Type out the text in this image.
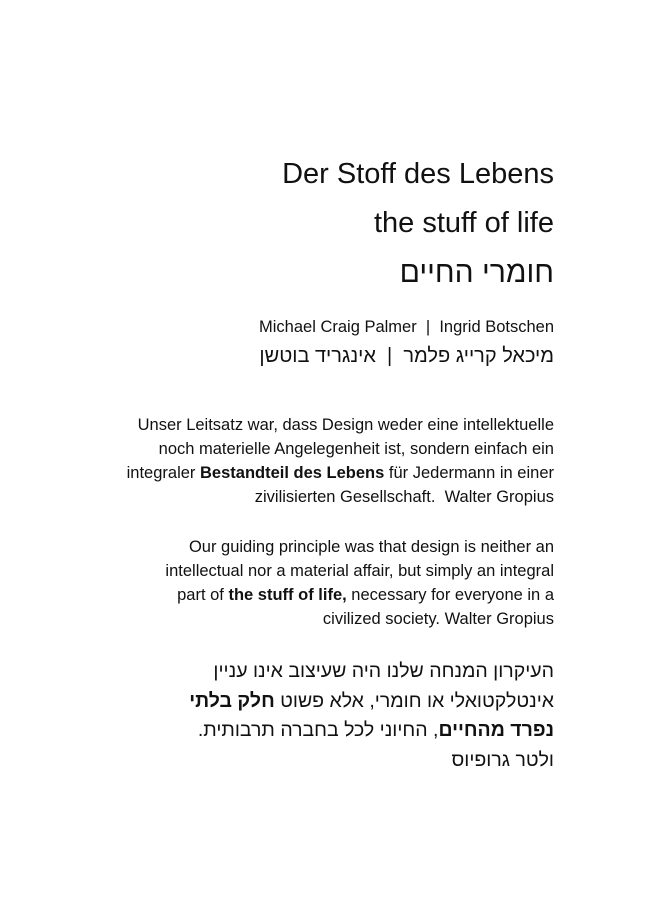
Der Stoff des Lebens
the stuff of life
חומרי החיים
Michael Craig Palmer  |  Ingrid Botschen
מיכאל קרייג פלמר  |  אינגריד בוטשן
Unser Leitsatz war, dass Design weder eine intellektuelle
noch materielle Angelegenheit ist, sondern einfach ein
integraler Bestandteil des Lebens für Jedermann in einer
zivilisierten Gesellschaft.  Walter Gropius
Our guiding principle was that design is neither an
intellectual nor a material affair, but simply an integral
part of the stuff of life, necessary for everyone in a
civilized society. Walter Gropius
העיקרון המנחה שלנו היה שעיצוב אינו עניין
אינטלקטואלי או חומרי, אלא פשוט חלק בלתי
נפרד מהחיים, החיוני לכל בחברה תרבותית.
ולטר גרופיוס
